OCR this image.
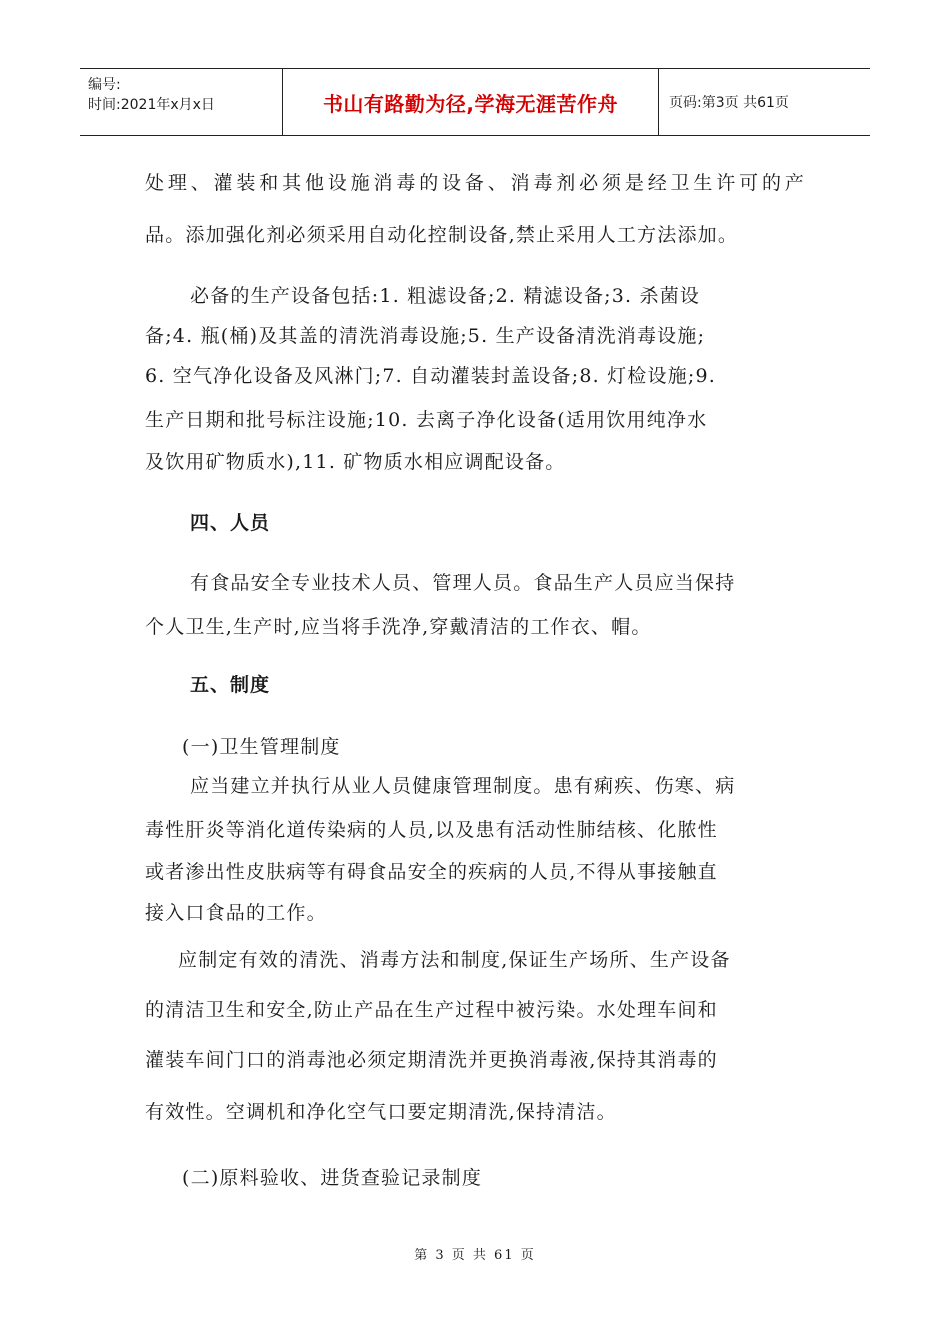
编号:
时间:2021年x月x日	书山有路勤为径,学海无涯苦作舟	页码:第3页 共61页
处理、灌装和其他设施消毒的设备、消毒剂必须是经卫生许可的产
品。添加强化剂必须采用自动化控制设备,禁止采用人工方法添加。
必备的生产设备包括:1. 粗滤设备;2. 精滤设备;3. 杀菌设
备;4. 瓶(桶)及其盖的清洗消毒设施;5. 生产设备清洗消毒设施;
6. 空气净化设备及风淋门;7. 自动灌装封盖设备;8. 灯检设施;9.
生产日期和批号标注设施;10. 去离子净化设备(适用饮用纯净水
及饮用矿物质水),11. 矿物质水相应调配设备。
四、人员
有食品安全专业技术人员、管理人员。食品生产人员应当保持
个人卫生,生产时,应当将手洗净,穿戴清洁的工作衣、帽。
五、制度
(一)卫生管理制度
应当建立并执行从业人员健康管理制度。患有痢疾、伤寒、病
毒性肝炎等消化道传染病的人员,以及患有活动性肺结核、化脓性
或者渗出性皮肤病等有碍食品安全的疾病的人员,不得从事接触直
接入口食品的工作。
应制定有效的清洗、消毒方法和制度,保证生产场所、生产设备
的清洁卫生和安全,防止产品在生产过程中被污染。水处理车间和
灌装车间门口的消毒池必须定期清洗并更换消毒液,保持其消毒的
有效性。空调机和净化空气口要定期清洗,保持清洁。
(二)原料验收、进货查验记录制度
第 3 页 共 61 页
